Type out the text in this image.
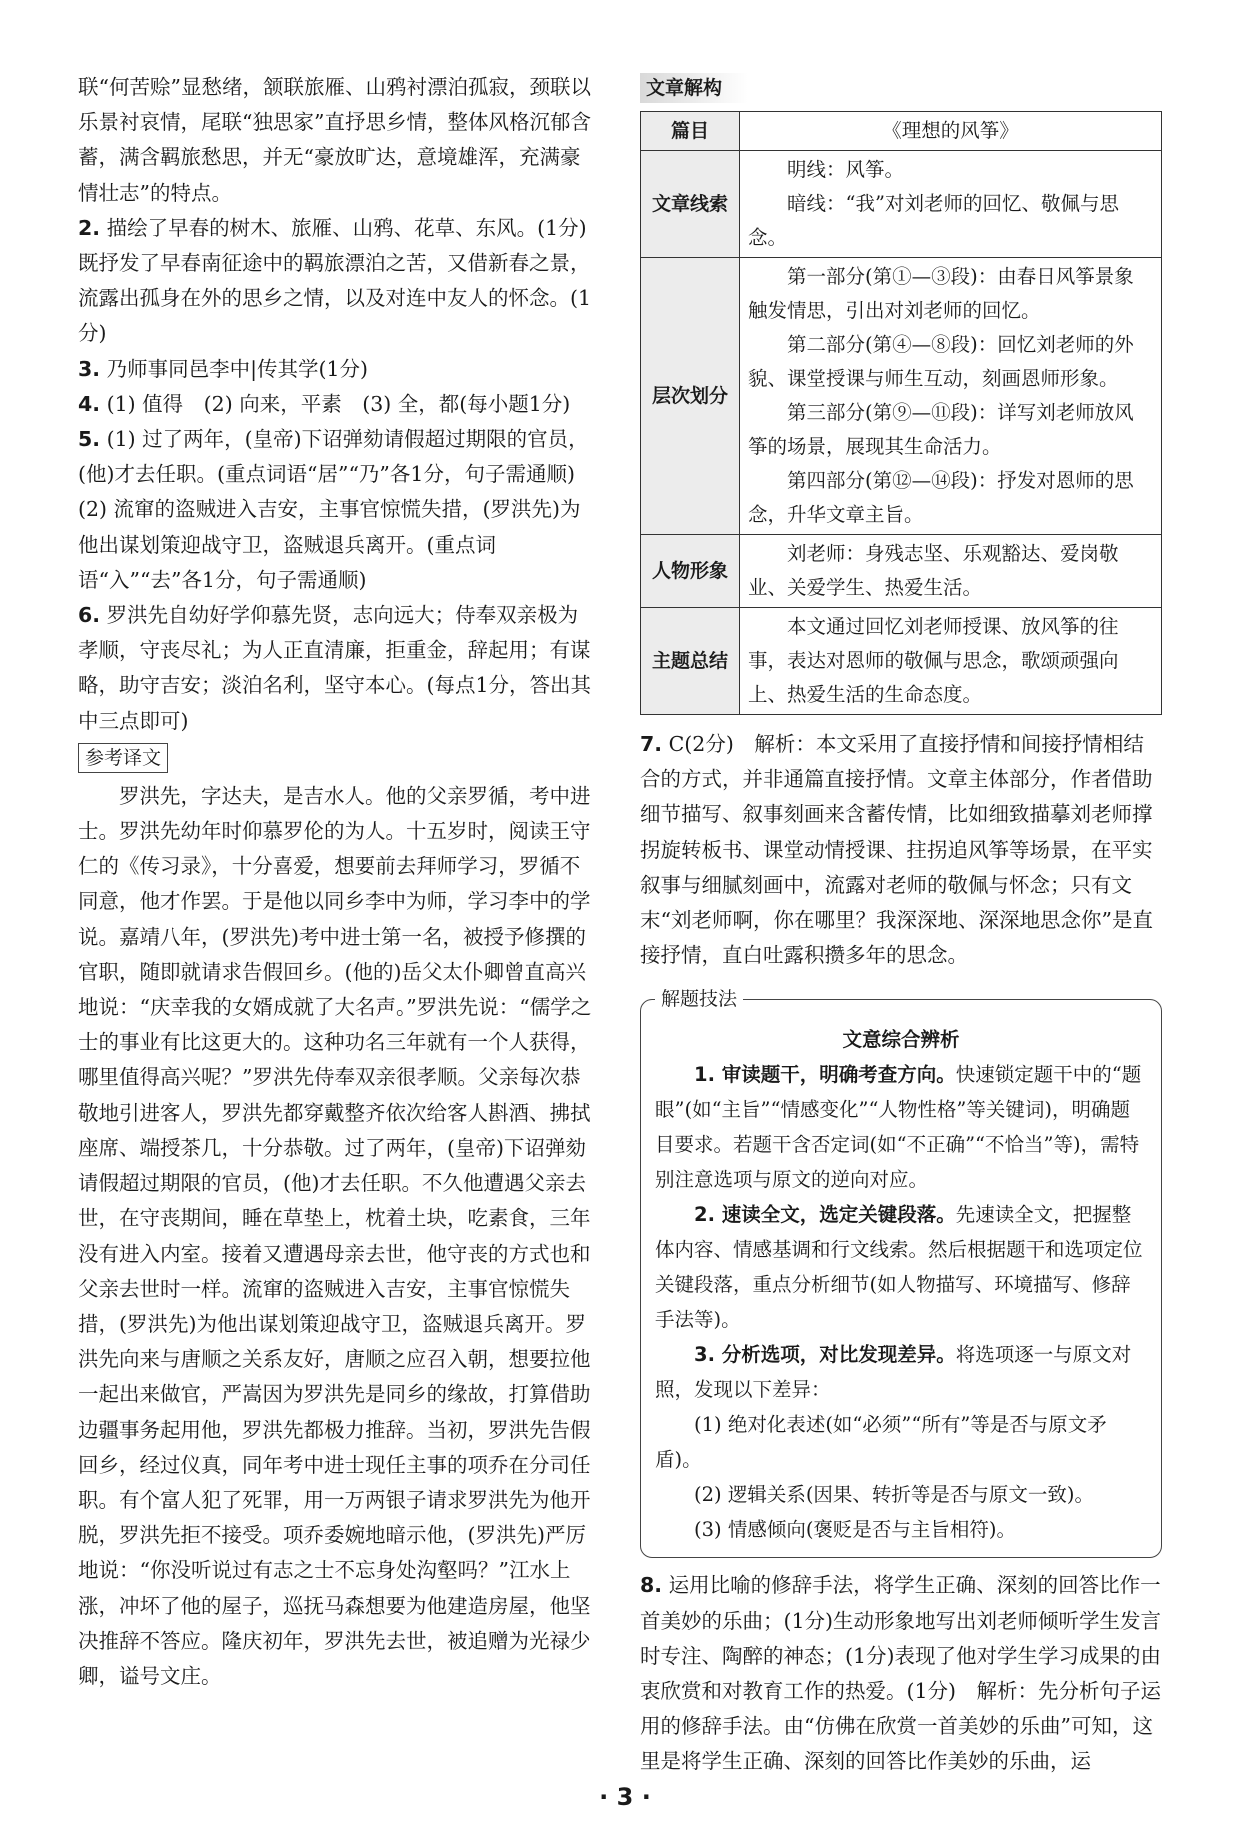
联“何苦赊”显愁绪，颔联旅雁、山鸦衬漂泊孤寂，颈联以乐景衬哀情，尾联“独思家”直抒思乡情，整体风格沉郁含蓄，满含羁旅愁思，并无“豪放旷达，意境雄浑，充满豪情壮志”的特点。

2. 描绘了早春的树木、旅雁、山鸦、花草、东风。(1分)既抒发了早春南征途中的羁旅漂泊之苦，又借新春之景，流露出孤身在外的思乡之情，以及对连中友人的怀念。(1分)

3. 乃师事同邑李中|传其学(1分)

4. (1) 值得　(2) 向来，平素　(3) 全，都(每小题1分)

5. (1) 过了两年，(皇帝)下诏弹劾请假超过期限的官员，(他)才去任职。(重点词语“居”“乃”各1分，句子需通顺)

(2) 流窜的盗贼进入吉安，主事官惊慌失措，(罗洪先)为他出谋划策迎战守卫，盗贼退兵离开。(重点词语“入”“去”各1分，句子需通顺)

6. 罗洪先自幼好学仰慕先贤，志向远大；侍奉双亲极为孝顺，守丧尽礼；为人正直清廉，拒重金，辞起用；有谋略，助守吉安；淡泊名利，坚守本心。(每点1分，答出其中三点即可)

参考译文

罗洪先，字达夫，是吉水人。他的父亲罗循，考中进士。罗洪先幼年时仰慕罗伦的为人。十五岁时，阅读王守仁的《传习录》，十分喜爱，想要前去拜师学习，罗循不同意，他才作罢。于是他以同乡李中为师，学习李中的学说。嘉靖八年，(罗洪先)考中进士第一名，被授予修撰的官职，随即就请求告假回乡。(他的)岳父太仆卿曾直高兴地说：“庆幸我的女婿成就了大名声。”罗洪先说：“儒学之士的事业有比这更大的。这种功名三年就有一个人获得，哪里值得高兴呢？”罗洪先侍奉双亲很孝顺。父亲每次恭敬地引进客人，罗洪先都穿戴整齐依次给客人斟酒、拂拭座席、端授茶几，十分恭敬。过了两年，(皇帝)下诏弹劾请假超过期限的官员，(他)才去任职。不久他遭遇父亲去世，在守丧期间，睡在草垫上，枕着土块，吃素食，三年没有进入内室。接着又遭遇母亲去世，他守丧的方式也和父亲去世时一样。流窜的盗贼进入吉安，主事官惊慌失措，(罗洪先)为他出谋划策迎战守卫，盗贼退兵离开。罗洪先向来与唐顺之关系友好，唐顺之应召入朝，想要拉他一起出来做官，严嵩因为罗洪先是同乡的缘故，打算借助边疆事务起用他，罗洪先都极力推辞。当初，罗洪先告假回乡，经过仪真，同年考中进士现任主事的项乔在分司任职。有个富人犯了死罪，用一万两银子请求罗洪先为他开脱，罗洪先拒不接受。项乔委婉地暗示他，(罗洪先)严厉地说：“你没听说过有志之士不忘身处沟壑吗？”江水上涨，冲坏了他的屋子，巡抚马森想要为他建造房屋，他坚决推辞不答应。隆庆初年，罗洪先去世，被追赠为光禄少卿，谥号文庄。

文章解构
篇目	《理想的风筝》
文章线索	明线：风筝。

暗线：“我”对刘老师的回忆、敬佩与思念。

层次划分	第一部分(第①—③段)：由春日风筝景象触发情思，引出对刘老师的回忆。

第二部分(第④—⑧段)：回忆刘老师的外貌、课堂授课与师生互动，刻画恩师形象。

第三部分(第⑨—⑪段)：详写刘老师放风筝的场景，展现其生命活力。

第四部分(第⑫—⑭段)：抒发对恩师的思念，升华文章主旨。

人物形象	刘老师：身残志坚、乐观豁达、爱岗敬业、关爱学生、热爱生活。

主题总结	本文通过回忆刘老师授课、放风筝的往事，表达对恩师的敬佩与思念，歌颂顽强向上、热爱生活的生命态度。

7. C(2分)　解析：本文采用了直接抒情和间接抒情相结合的方式，并非通篇直接抒情。文章主体部分，作者借助细节描写、叙事刻画来含蓄传情，比如细致描摹刘老师撑拐旋转板书、课堂动情授课、拄拐追风筝等场景，在平实叙事与细腻刻画中，流露对老师的敬佩与怀念；只有文末“刘老师啊，你在哪里？我深深地、深深地思念你”是直接抒情，直白吐露积攒多年的思念。

解题技法

文意综合辨析

1. 审读题干，明确考查方向。快速锁定题干中的“题眼”(如“主旨”“情感变化”“人物性格”等关键词)，明确题目要求。若题干含否定词(如“不正确”“不恰当”等)，需特别注意选项与原文的逆向对应。

2. 速读全文，选定关键段落。先速读全文，把握整体内容、情感基调和行文线索。然后根据题干和选项定位关键段落，重点分析细节(如人物描写、环境描写、修辞手法等)。

3. 分析选项，对比发现差异。将选项逐一与原文对照，发现以下差异：

(1) 绝对化表述(如“必须”“所有”等是否与原文矛盾)。

(2) 逻辑关系(因果、转折等是否与原文一致)。

(3) 情感倾向(褒贬是否与主旨相符)。

8. 运用比喻的修辞手法，将学生正确、深刻的回答比作一首美妙的乐曲；(1分)生动形象地写出刘老师倾听学生发言时专注、陶醉的神态；(1分)表现了他对学生学习成果的由衷欣赏和对教育工作的热爱。(1分)　解析：先分析句子运用的修辞手法。由“仿佛在欣赏一首美妙的乐曲”可知，这里是将学生正确、深刻的回答比作美妙的乐曲，运

· 3 ·
